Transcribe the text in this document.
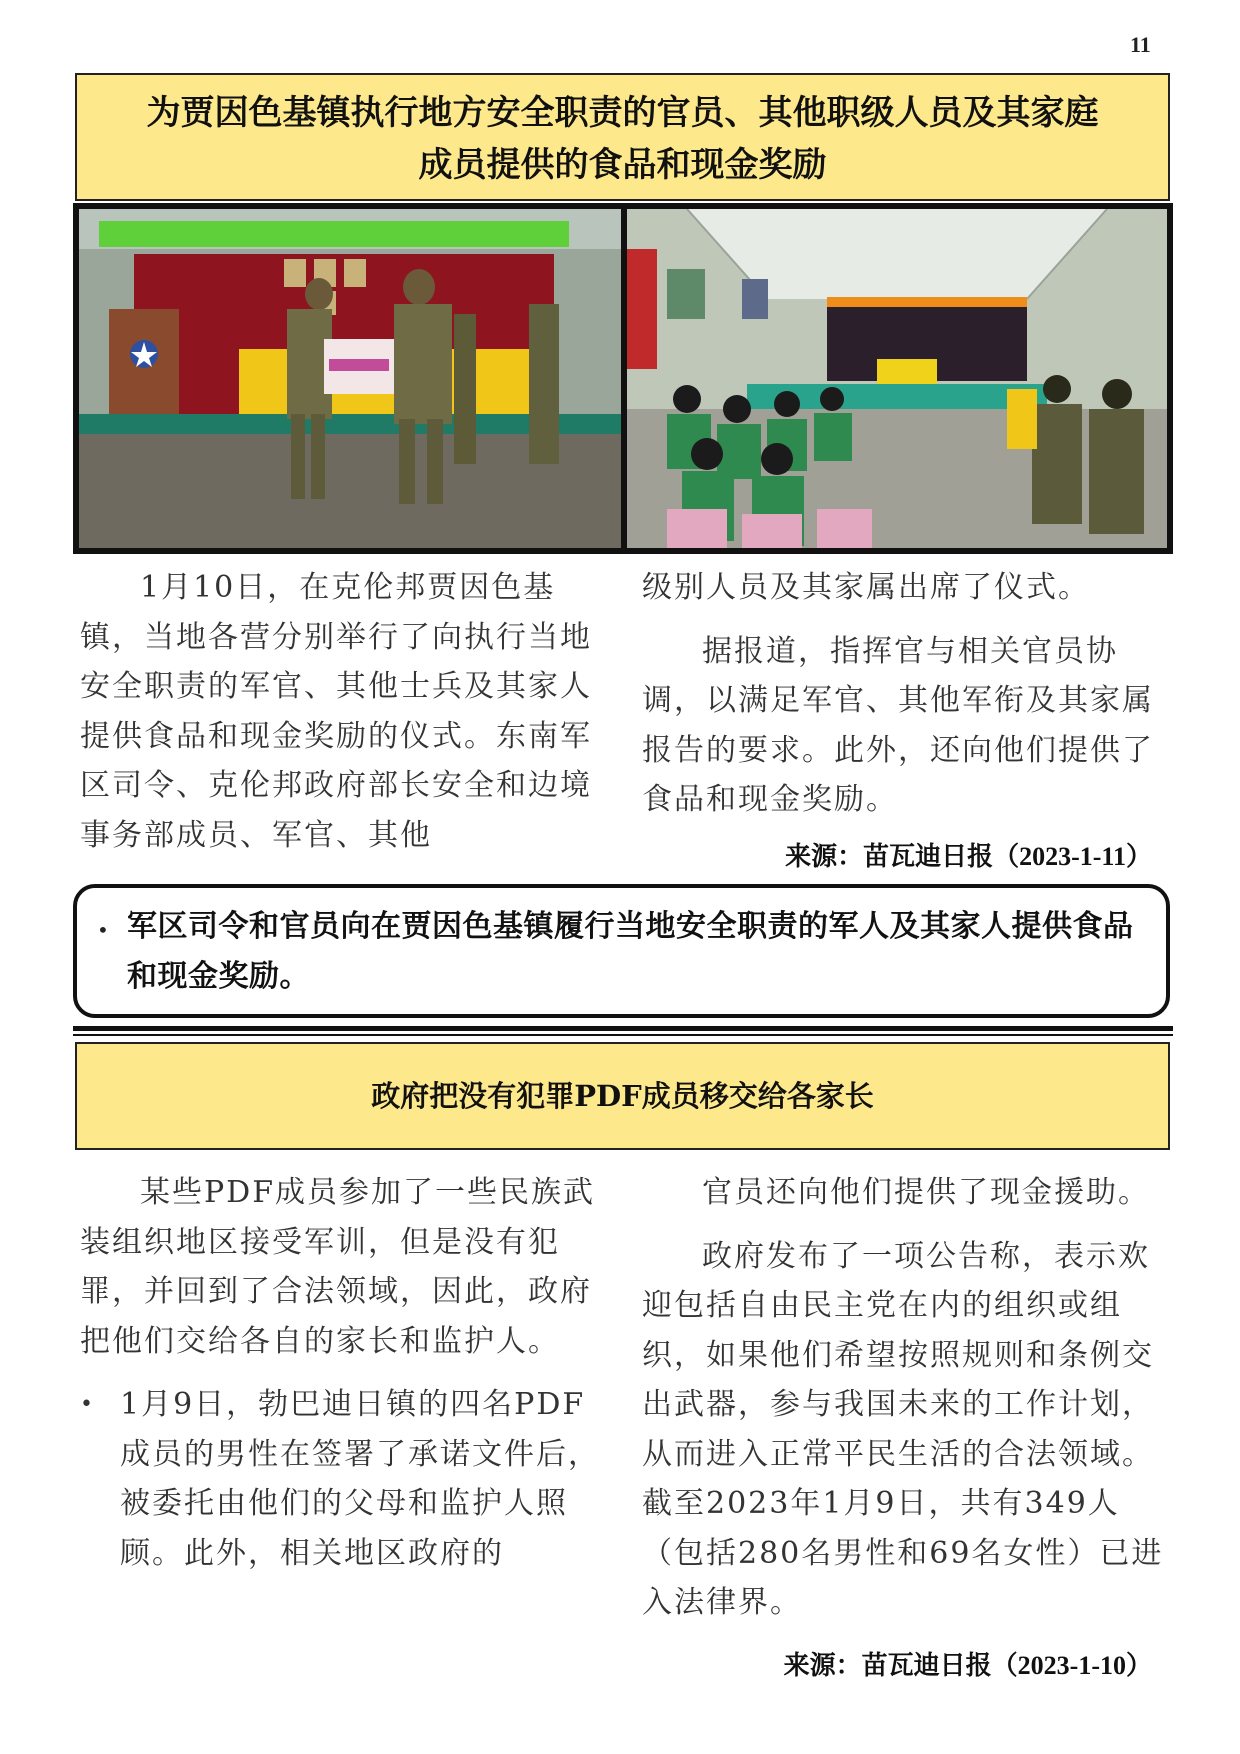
11
为贾因色基镇执行地方安全职责的官员、其他职级人员及其家庭
成员提供的食品和现金奖励

1月10日，在克伦邦贾因色基镇，当地各营分别举行了向执行当地安全职责的军官、其他士兵及其家人提供食品和现金奖励的仪式。东南军区司令、克伦邦政府部长安全和边境事务部成员、军官、其他

级别人员及其家属出席了仪式。

据报道，指挥官与相关官员协调，以满足军官、其他军衔及其家属报告的要求。此外，还向他们提供了食品和现金奖励。

来源：苗瓦迪日报（2023-1-11）
• 军区司令和官员向在贾因色基镇履行当地安全职责的军人及其家人提供食品和现金奖励。
政府把没有犯罪PDF成员移交给各家长

某些PDF成员参加了一些民族武装组织地区接受军训，但是没有犯罪，并回到了合法领域，因此，政府把他们交给各自的家长和监护人。

• 1月9日，勃巴迪日镇的四名PDF成员的男性在签署了承诺文件后，被委托由他们的父母和监护人照顾。此外，相关地区政府的

官员还向他们提供了现金援助。

政府发布了一项公告称，表示欢迎包括自由民主党在内的组织或组织，如果他们希望按照规则和条例交出武器，参与我国未来的工作计划，从而进入正常平民生活的合法领域。截至2023年1月9日，共有349人（包括280名男性和69名女性）已进入法律界。

来源：苗瓦迪日报（2023-1-10）
